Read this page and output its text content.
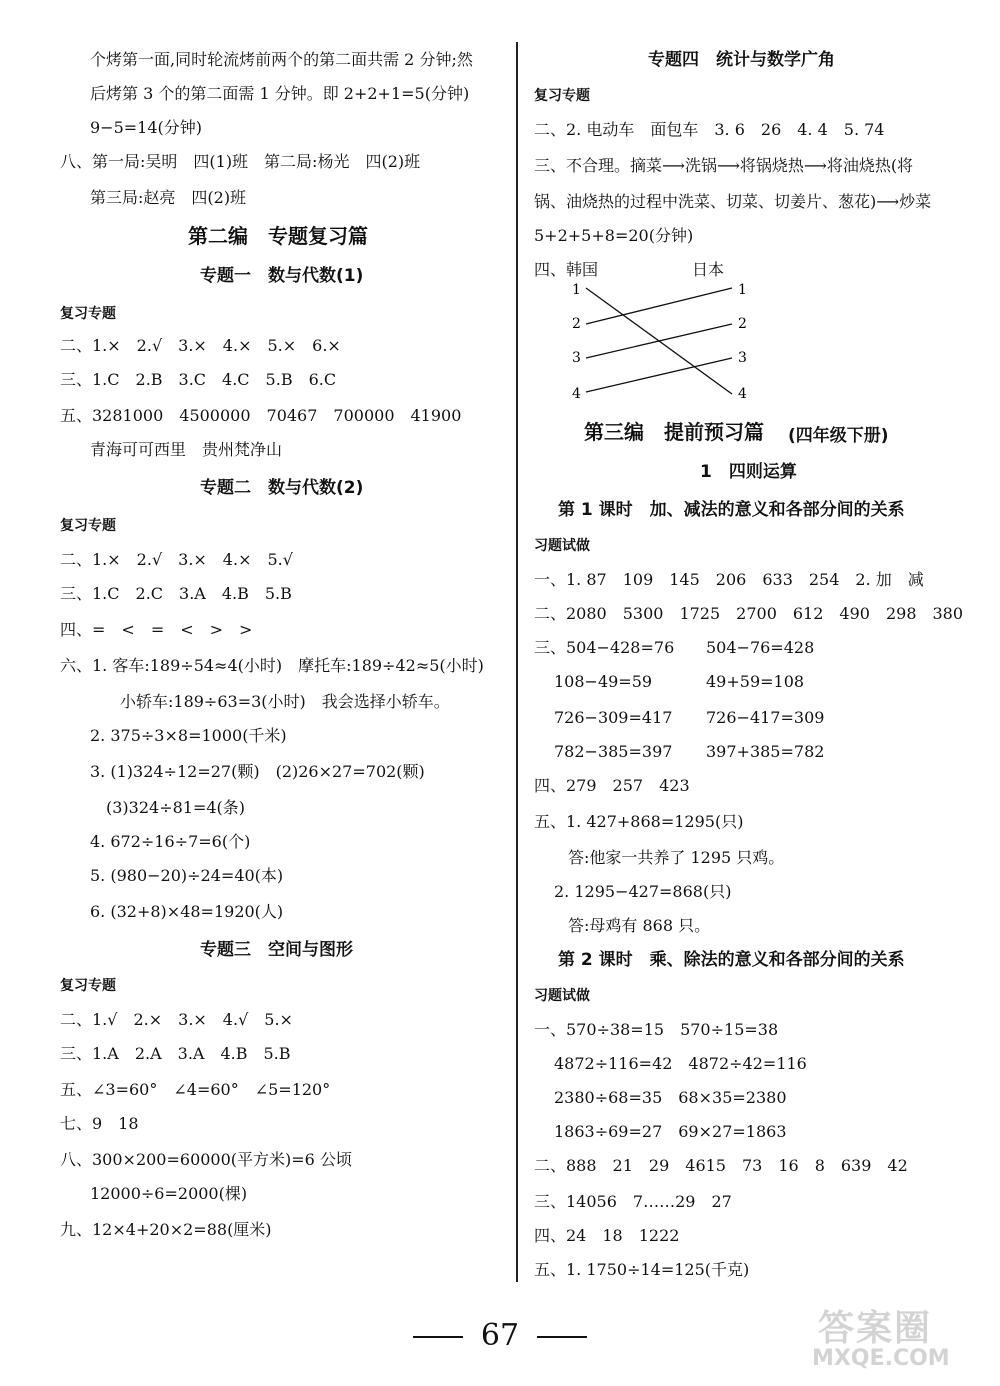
个烤第一面,同时轮流烤前两个的第二面共需 2 分钟;然
后烤第 3 个的第二面需 1 分钟。即 2+2+1=5(分钟)
9−5=14(分钟)
八、第一局:吴明　四(1)班　第二局:杨光　四(2)班
第三局:赵亮　四(2)班
第二编　专题复习篇
专题一　数与代数(1)
复习专题
二、1.×　2.√　3.×　4.×　5.×　6.×
三、1.C　2.B　3.C　4.C　5.B　6.C
五、3281000　4500000　70467　700000　41900
青海可可西里　贵州梵净山
专题二　数与代数(2)
复习专题
二、1.×　2.√　3.×　4.×　5.√
三、1.C　2.C　3.A　4.B　5.B
四、=　<　=　<　>　>
六、1. 客车:189÷54≈4(小时)　摩托车:189÷42≈5(小时)
小轿车:189÷63=3(小时)　我会选择小轿车。
2. 375÷3×8=1000(千米)
3. (1)324÷12=27(颗)　(2)26×27=702(颗)
(3)324÷81=4(条)
4. 672÷16÷7=6(个)
5. (980−20)÷24=40(本)
6. (32+8)×48=1920(人)
专题三　空间与图形
复习专题
二、1.√　2.×　3.×　4.√　5.×
三、1.A　2.A　3.A　4.B　5.B
五、∠3=60°　∠4=60°　∠5=120°
七、9　18
八、300×200=60000(平方米)=6 公顷
12000÷6=2000(棵)
九、12×4+20×2=88(厘米)
1
2
3
4
1
2
3
4
专题四　统计与数学广角
复习专题
二、2. 电动车　面包车　3. 6　26　4. 4　5. 74
三、不合理。摘菜⟶洗锅⟶将锅烧热⟶将油烧热(将
锅、油烧热的过程中洗菜、切菜、切姜片、葱花)⟶炒菜
5+2+5+8=20(分钟)
四、韩国	日本
第三编　提前预习篇 (四年级下册)
1　四则运算
第 1 课时　加、减法的意义和各部分间的关系
习题试做
一、1. 87　109　145　206　633　254　2. 加　减
二、2080　5300　1725　2700　612　490　298　380
三、504−428=76 504−76=428
108−49=59	49+59=108
726−309=417 726−417=309
782−385=397 397+385=782
四、279　257　423
五、1. 427+868=1295(只)
答:他家一共养了 1295 只鸡。
2. 1295−427=868(只)
答:母鸡有 868 只。
第 2 课时　乘、除法的意义和各部分间的关系
习题试做
一、570÷38=15　570÷15=38
4872÷116=42　4872÷42=116
2380÷68=35　68×35=2380
1863÷69=27　69×27=1863
二、888　21　29　4615　73　16　8　639　42
三、14056　7……29　27
四、24　18　1222
五、1. 1750÷14=125(千克)
67	答案圈
MXQE.COM
